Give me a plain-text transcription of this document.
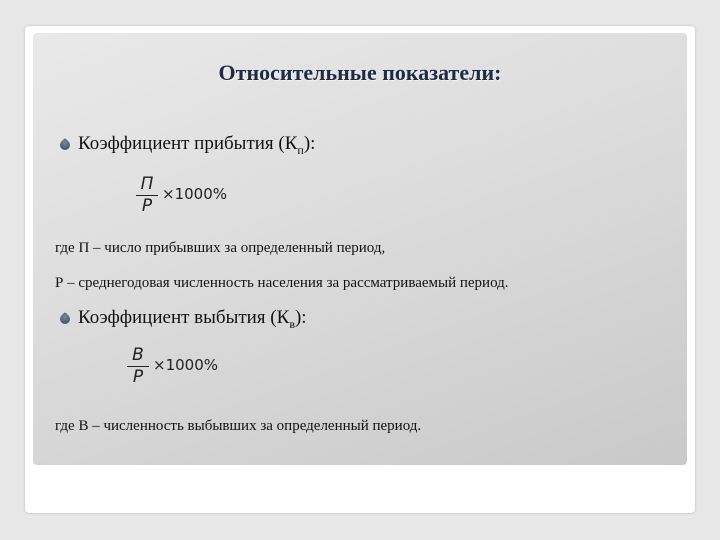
Относительные показатели:
Коэффициент прибытия $(К_п)$:
П
P
×1000%
где П – число прибывших за определенный период,
Р – среднегодовая численность населения за рассматриваемый период.
Коэффициент выбытия $(К_в)$:
B
P
×1000%
где В – численность выбывших за определенный период.
